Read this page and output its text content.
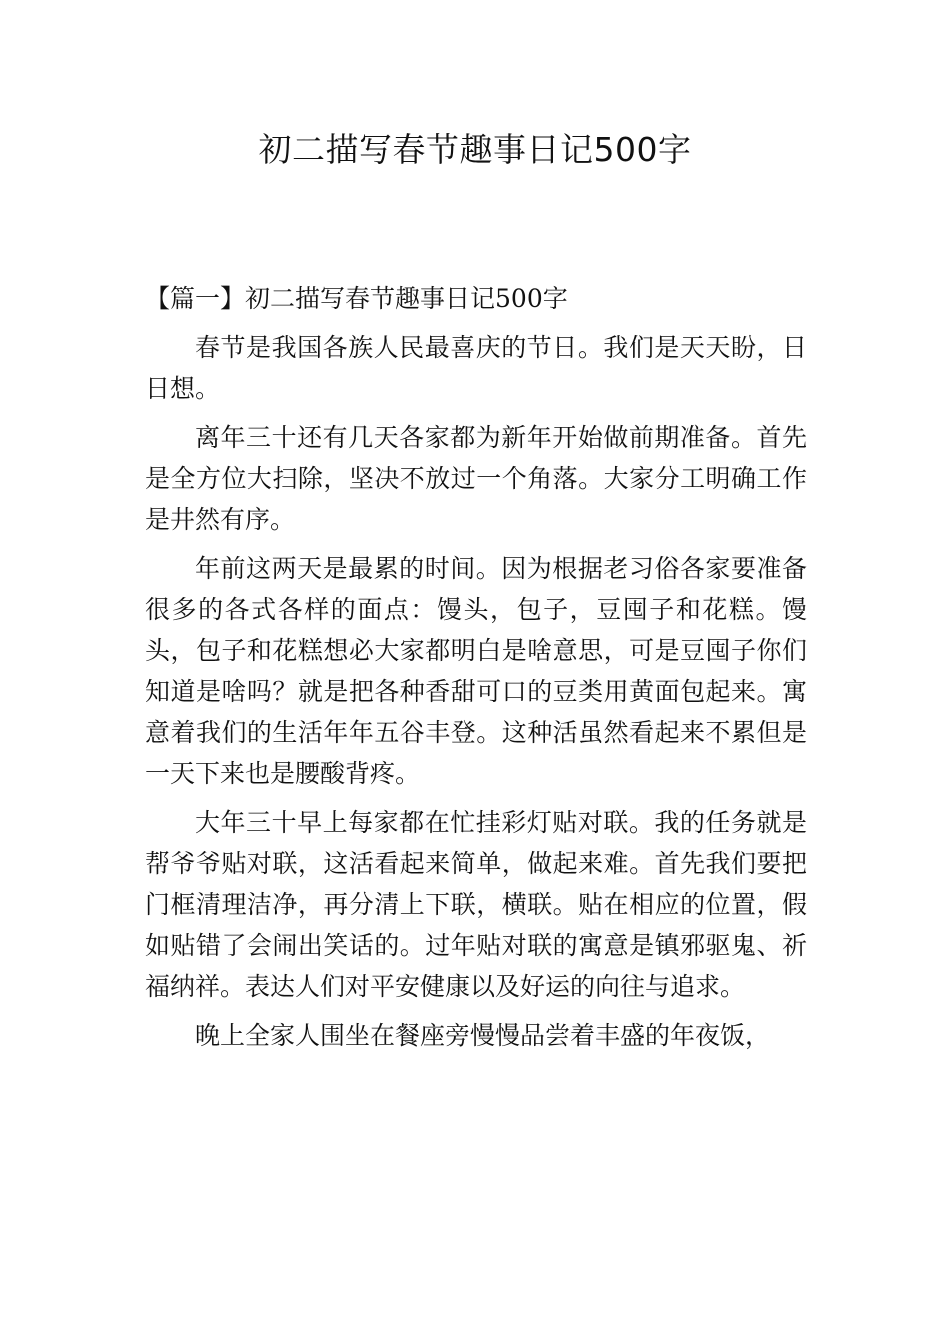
初二描写春节趣事日记500字

【篇一】初二描写春节趣事日记500字

春节是我国各族人民最喜庆的节日。我们是天天盼，日日想。

离年三十还有几天各家都为新年开始做前期准备。首先是全方位大扫除，坚决不放过一个角落。大家分工明确工作是井然有序。

年前这两天是最累的时间。因为根据老习俗各家要准备很多的各式各样的面点：馒头，包子，豆囤子和花糕。馒头，包子和花糕想必大家都明白是啥意思，可是豆囤子你们知道是啥吗？就是把各种香甜可口的豆类用黄面包起来。寓意着我们的生活年年五谷丰登。这种活虽然看起来不累但是一天下来也是腰酸背疼。

大年三十早上每家都在忙挂彩灯贴对联。我的任务就是帮爷爷贴对联，这活看起来简单，做起来难。首先我们要把门框清理洁净，再分清上下联，横联。贴在相应的位置，假如贴错了会闹出笑话的。过年贴对联的寓意是镇邪驱鬼、祈福纳祥。表达人们对平安健康以及好运的向往与追求。

晚上全家人围坐在餐座旁慢慢品尝着丰盛的年夜饭，
